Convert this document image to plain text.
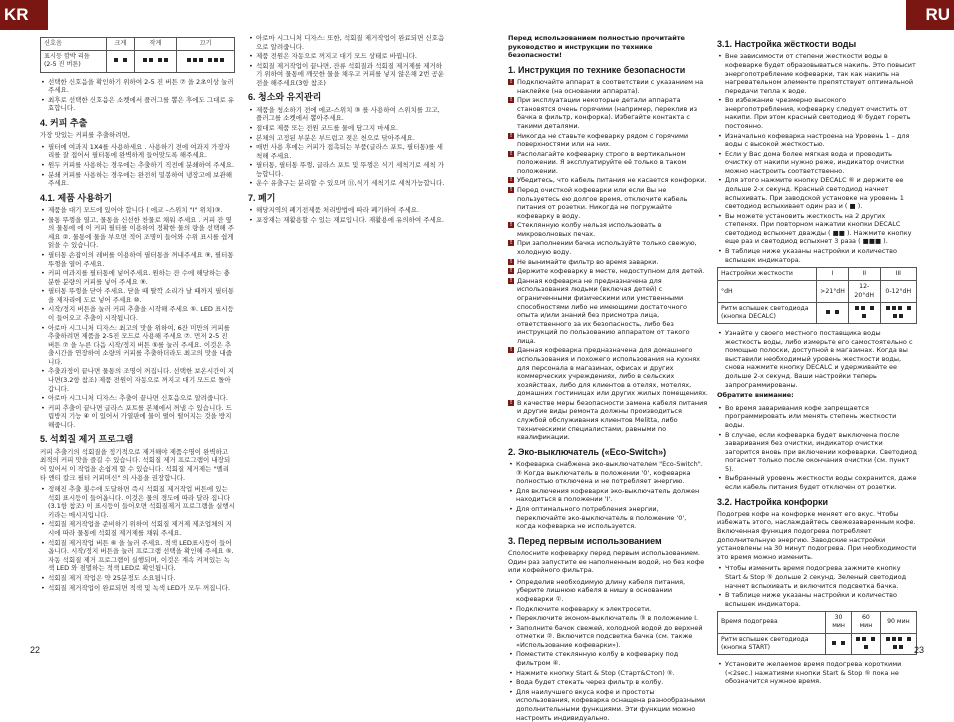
KR	RU
신호음	크게	작게	끄기
표시등 깜박 리듬
(2-5 진 버튼)	 	 	 
• 선택한 신호음을 확인하기 위하여 2-5 진 버튼 ⑦ 을 2초이상 눌러 주세요.
• 최후로 선택한 신호음은 소켓에서 플러그를 뽑은 후에도 그대로 유효합니다.
4. 커피 추출

가장 맛있는 커피를 추출하려면,

• 필터에 여과지 1X4를 사용하세요 . 사용하기 전에 여과지 가장자리를 잘 접어서 필터통에 완벽하게 들어맞도록 해주세요.
• 원두 커피를 사용하는 경우에는 추출하기 직전에 분쇄하여 주세요.
• 분쇄 커피를 사용하는 경우에는 완전히 밀봉하여 냉장고에 보관해 주세요.
4.1. 제품 사용하기
• 제품을 대기 모드에 있어야 합니다 ( 에코 –스위치 "I" 위치)③.
• 물통 뚜껑을 열고, 물통을 신선한 찬물로 채워 주세요 . 커피 잔 옆의 물통에 에 이 커피 필터를 이용하여 정확한 물의 량을 선택해 주세요 ②. 물통에 물을 부으면 적어 조명이 들어와 수위 표시를 쉽게 읽을 수 있습니다.
• 필터통 손잡이의 레버를 이용하여 필터통을 꺼내주세요 ⑨, 필터통 뚜껑을 열어 주세요.
• 커피 여과지를 필터통에 넣어주세요. 원하는 잔 수에 해당하는 충분한 분량의 커피를 넣어 주세요 ⑨.
• 필터통 뚜껑을 닫아 주세요. 닫을 때 딸깍 소리가 날 때까지 필터통을 제자리에 도로 넣어 주세요 ⑩.
• 시작/정지 버튼을 눌러 커피 추출을 시작해 주세요 ⑤. LED 표시등이 들어오고 추출이 시작됩니다.
• 아로마 시그니처 디자스: 최고의 맛을 위하여, 6잔 미만의 커피를 추출하려면 제품을 2-5진 모드로 사용해 주세요 ⑦. 먼저 2-5 진 버튼 ⑦ 을 누른 다음 시작/정지 버튼 ⑤를 눌러 주세요. 이것은 추출시간을 연장하여 소량의 커피를 추출하더라도 최고의 맛을 내줍니다.
• 추출과정이 끝나면 물통의 조명이 꺼집니다. 선택한 보온시간이 지나면(3.2항 참조) 제품 전원이 자동으로 꺼지고 대기 모드로 돌아갑니다.
• 아로마 시그니처 디자스: 추출이 끝나면 신호음으로 알려줍니다.
• 커피 추출이 끝나면 글라스 포트를 본체에서 꺼낼 수 있습니다. 드립방지 기능 ④ 이 있어서 가열판에 물이 떨어 떨어지는 것을 방지해줍니다.
5. 석회질 제거 프로그램

커피 추출기의 석회질을 정기적으로 제거해야 제품수명이 완벽하고 최적의 커피 맛을 즐길 수 있습니다. 석회질 제거 프로그램이 내장되어 있어서 이 작업을 손쉽게 할 수 있습니다. 석회질 제거제는 "멜리타 엔티 칼크 필터 커피머신" 의 사용을 권장합니다.

• 정해진 추출 횟수에 도달하면 즉시 석회질 제거작업 버튼에 있는 석회 표시등이 들어옵니다. 이것은 물의 경도에 따라 달라 집니다(3.1항 참조) 이 표시등이 들어오면 석회질제거 프로그램을 실행시키라는 메시지입니다.
• 석회질 제거작업을 준비하기 위하여 석회질 제거제 제조업체의 지시에 따라 물통에 석회질 제거제를 채워 주세요.
• 석회질 제거작업 버튼 ⑥ 을 눌러 주세요. 적색 LED표시등이 들어옵니다. 시작/정지 버튼을 눌러 프로그램 선택을 확인해 주세요 ⑤. 자동 석회질 제거 프로그램이 실행되며, 이것은 계속 켜져있는 녹색 LED 와 점멸하는 적색 LED로 확인됩니다.
• 석회질 제거 작업은 약 25분정도 소요됩니다.
• 석회질 제거작업이 완료되면 적색 및 녹색 LED가 모두 꺼집니다.
• 아로마 시그니처 디자스: 또한, 석회질 제거작업이 완료되면 신호음으로 알려줍니다.
• 제품 전원은 자동으로 꺼지고 대기 모드 상태로 바뀝니다.
• 석회질 제거작업이 끝나면, 잔류 석회질과 석회질 제거제를 제거하기 위하여 물통에 깨끗한 물을 채우고 커피를 넣지 않은채 2번 공운전을 해주세요(3항 참조)
6. 청소와 유지관리
• 제품을 청소하기 전에 에코-스위치 ③ 를 사용하여 스위치를 끄고, 플러그를 소켓에서 뽑아주세요.
• 절대로 제품 또는 전원 코드를 물에 담그지 마세요.
• 본체의 고정된 부분은 부드럽고 젖은 천으로 닦아주세요.
• 매번 사용 후에는 커피가 접촉되는 부품(글라스 포트, 필터통)를 세척해 주세요.
• 필터통, 필터통 뚜껑, 글라스 포트 및 뚜껑은 식기 세척기로 세척 가능합니다.
• 운수 유출구는 분리할 수 있으며 ⑪,식기 세척기로 세척가능합니다.
7. 폐기
• 해당지역의 폐기전제품 처리방법에 따라 폐기하여 주세요.
• 포장재는 재활용할 수 있는 재료입니다. 재활용에 유의하여 주세요.

Перед использованием полностью прочитайте руководство и инструкции по технике безопасности!

1. Инструкция по технике безопасности
! Подключайте аппарат в соответствии с указанием на наклейке (на основании аппарата).
! При эксплуатации некоторые детали аппарата становятся очень горячими (например, переклив из бачка в фильтр, конфорка). Избегайте контакта с такими деталями.
! Никогда не ставьте кофеварку рядом с горячими поверхностями или на них.
! Располагайте кофеварку строго в вертикальном положении. Я эксплуатируйте её только в таком положении.
! Убедитесь, что кабель питания не касается конфорки.
! Перед очисткой кофеварки или если Вы не пользуетесь ею долгое время, отключите кабель питания от розетки. Никогда не погружайте кофеварку в воду.
! Стеклянную колбу нельзя использовать в микроволновых печах.
! При заполнении бачка используйте только свежую, холодную воду.
! Не вынимайте фильтр во время заварки.
! Держите кофеварку в месте, недоступном для детей.
! Данная кофеварка не предназначена для использования людьми (включая детей) с ограниченными физическими или умственными способностями либо не имеющими достаточного опыта и/или знаний без присмотра лица, ответственного за их безопасность, либо без инструкций по пользованию аппаратом от такого лица.
! Данная кофеварка предназначена для домашнего использования и похожего использования на кухнях для персонала в магазинах, офисах и других коммерческих учреждениях, либо в сельских хозяйствах, либо для клиентов в отелях, мотелях, домашних гостиницах или других жилых помещениях.
! В качестве меры безопасности замена кабеля питания и другие виды ремонта должны производиться службой обслуживания клиентов Melitta, либо техническими специалистами, равными по квалификации.
2. Эко-выключатель («Eco-Switch»)
• Кофеварка снабжена эко-выключателем "Eco-Switch". ③ Когда выключатель в положении '0', кофеварка полностью отключена и не потребляет энергию.
• Для включения кофеварки эко-выключатель должен находиться в положении 'I'.
• Для оптимального потребления энергии, переключайте эко-выключатель в положение '0', когда кофеварка не используется.
3. Перед первым использованием

Сполосните кофеварку перед первым использованием. Один раз запустите ее наполненным водой, но без кофе или кофейного фильтра.

• Определив необходимую длину кабеля питания, уберите лишнюю кабеля в нишу в основании кофеварки ①.
• Подключите кофеварку к электросети.
• Переключите эконом-выключатель ③ в положение I.
• Заполните бачок свежей, холодной водой до верхней отметки ②. Включится подсветка бачка (см. также «Использование кофеварки»).
• Поместите стеклянную колбу в кофеварку под фильтром ④.
• Нажмите кнопку Start & Stop (Старт&Стоп) ⑤.
• Вода будет стекать через фильтр в колбу.
• Для наилучшего вкуса кофе и простоты использования, кофеварка оснащена разнообразными дополнительными функциями. Эти функции можно настроить индивидуально.
3.1. Настройка жёсткости воды
• Вне зависимости от степени жесткости воды в кофеварке будет образовываться накипь. Это повысит энергопотребление кофеварки, так как накипь на нагревательном элементе препятствует оптимальной передачи тепла к воде.
• Во избежание чрезмерно высокого энергопотребления, кофеварку следует очистить от накипи. При этом красный светодиод ⑥ будет гореть постоянно.
• Изначально кофеварка настроена на Уровень 1 – для воды с высокой жесткостью.
• Если у Вас дома более мягкая вода и проводить очистку от накипи нужно реже, индикатор очистки можно настроить соответственно.
• Для этого нажмите кнопку DECALC ⑥ и держите ее дольше 2-х секунд. Красный светодиод начнет вспыхивать. При заводской установке на уровень 1 светодиод вспыхивает один раз и ( ■ ).
• Вы можете установить жесткость на 2 других степенях. При повторном нажатии кнопки DECALC светодиод вспыхнет дважды ( ■■ ). Нажмите кнопку еще раз и светодиод вспыхнет 3 раза ( ■■■ ).
• В таблице ниже указаны настройки и количество вспышек индикатора.
Настройки жесткости	I	II	III
°dH	>21°dH	12-20°dH	0-12°dH
Ритм вспышек светодиода (кнопка DECALC)	 	 	 
• Узнайте у своего местного поставщика воды жесткость воды, либо измерьте его самостоятельно с помощью полоски, доступной в магазинах. Когда вы выставили необходимый уровень жесткости воды, снова нажмите кнопку DECALC и удерживайте ее дольше 2-х секунд. Ваши настройки теперь запрограммированы.

Обратите внимание:

• Во время заваривания кофе запрещается программировать или менять степень жесткости воды.
• В случае, если кофеварка будет выключена после заваривания без очистки, индикатор очистки загорится вновь при включении кофеварки. Светодиод погаснет только после окончания очистки (см. пункт 5).
• Выбранный уровень жесткости воды сохранится, даже если кабель питания будет отключен от розетки.
3.2. Настройка конфорки

Подогрев кофе на конфорке меняет его вкус. Чтобы избежать этого, наслаждайтесь свежезаваренным кофе. Включенная функция подогрева потребляет дополнительную энергию. Заводские настройки установлены на 30 минут подогрева. При необходимости это время можно изменить.

• Чтобы изменить время подогрева зажмите кнопку Start & Stop ⑤ дольше 2 секунд. Зеленый светодиод начнет вспыхивать и включится подсветка бачка.
• В таблице ниже указаны настройки и количество вспышек индикатора.
Время подогрева	30 мин	60 мин	90 мин
Ритм вспышек светодиода (кнопка START)	 	 	 
• Установите желаемое время подогрева короткими (<2sec.) нажатиями кнопки Start & Stop ⑤ пока не обозначится нужное время.
22	23
